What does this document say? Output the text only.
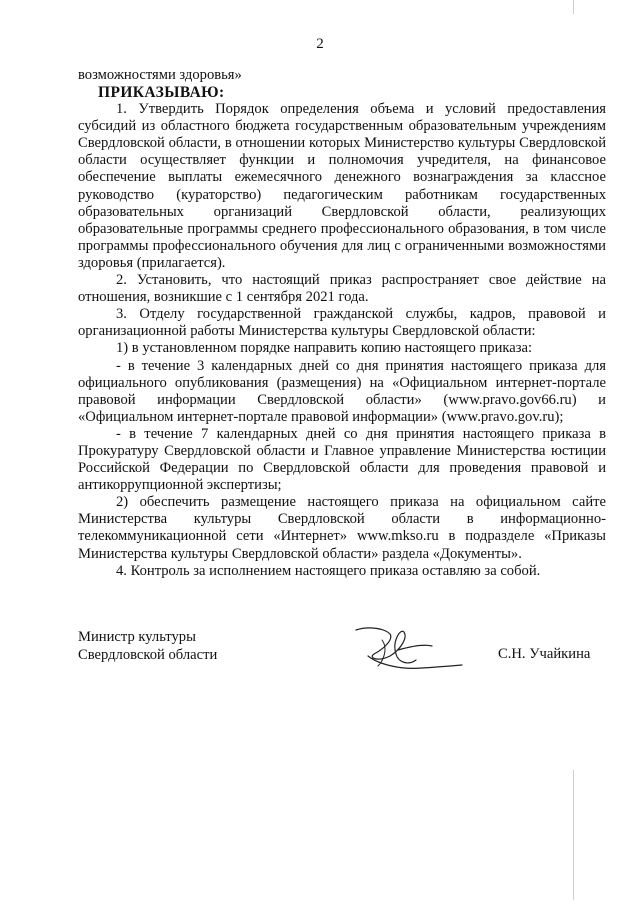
2

возможностями здоровья»

ПРИКАЗЫВАЮ:

1. Утвердить Порядок определения объема и условий предоставления субсидий из областного бюджета государственным образовательным учреждениям Свердловской области, в отношении которых Министерство культуры Свердловской области осуществляет функции и полномочия учредителя, на финансовое обеспечение выплаты ежемесячного денежного вознаграждения за классное руководство (кураторство) педагогическим работникам государственных образовательных организаций Свердловской области, реализующих образовательные программы среднего профессионального образования, в том числе программы профессионального обучения для лиц с ограниченными возможностями здоровья (прилагается).

2. Установить, что настоящий приказ распространяет свое действие на отношения, возникшие с 1 сентября 2021 года.

3. Отделу государственной гражданской службы, кадров, правовой и организационной работы Министерства культуры Свердловской области:

1) в установленном порядке направить копию настоящего приказа:

- в течение 3 календарных дней со дня принятия настоящего приказа для официального опубликования (размещения) на «Официальном интернет-портале правовой информации Свердловской области» (www.pravo.gov66.ru) и «Официальном интернет-портале правовой информации» (www.pravo.gov.ru);

- в течение 7 календарных дней со дня принятия настоящего приказа в Прокуратуру Свердловской области и Главное управление Министерства юстиции Российской Федерации по Свердловской области для проведения правовой и антикоррупционной экспертизы;

2) обеспечить размещение настоящего приказа на официальном сайте Министерства культуры Свердловской области в информационно-телекоммуникационной сети «Интернет» www.mkso.ru в подразделе «Приказы Министерства культуры Свердловской области» раздела «Документы».

4. Контроль за исполнением настоящего приказа оставляю за собой.

Министр культуры
Свердловской области	С.Н. Учайкина
